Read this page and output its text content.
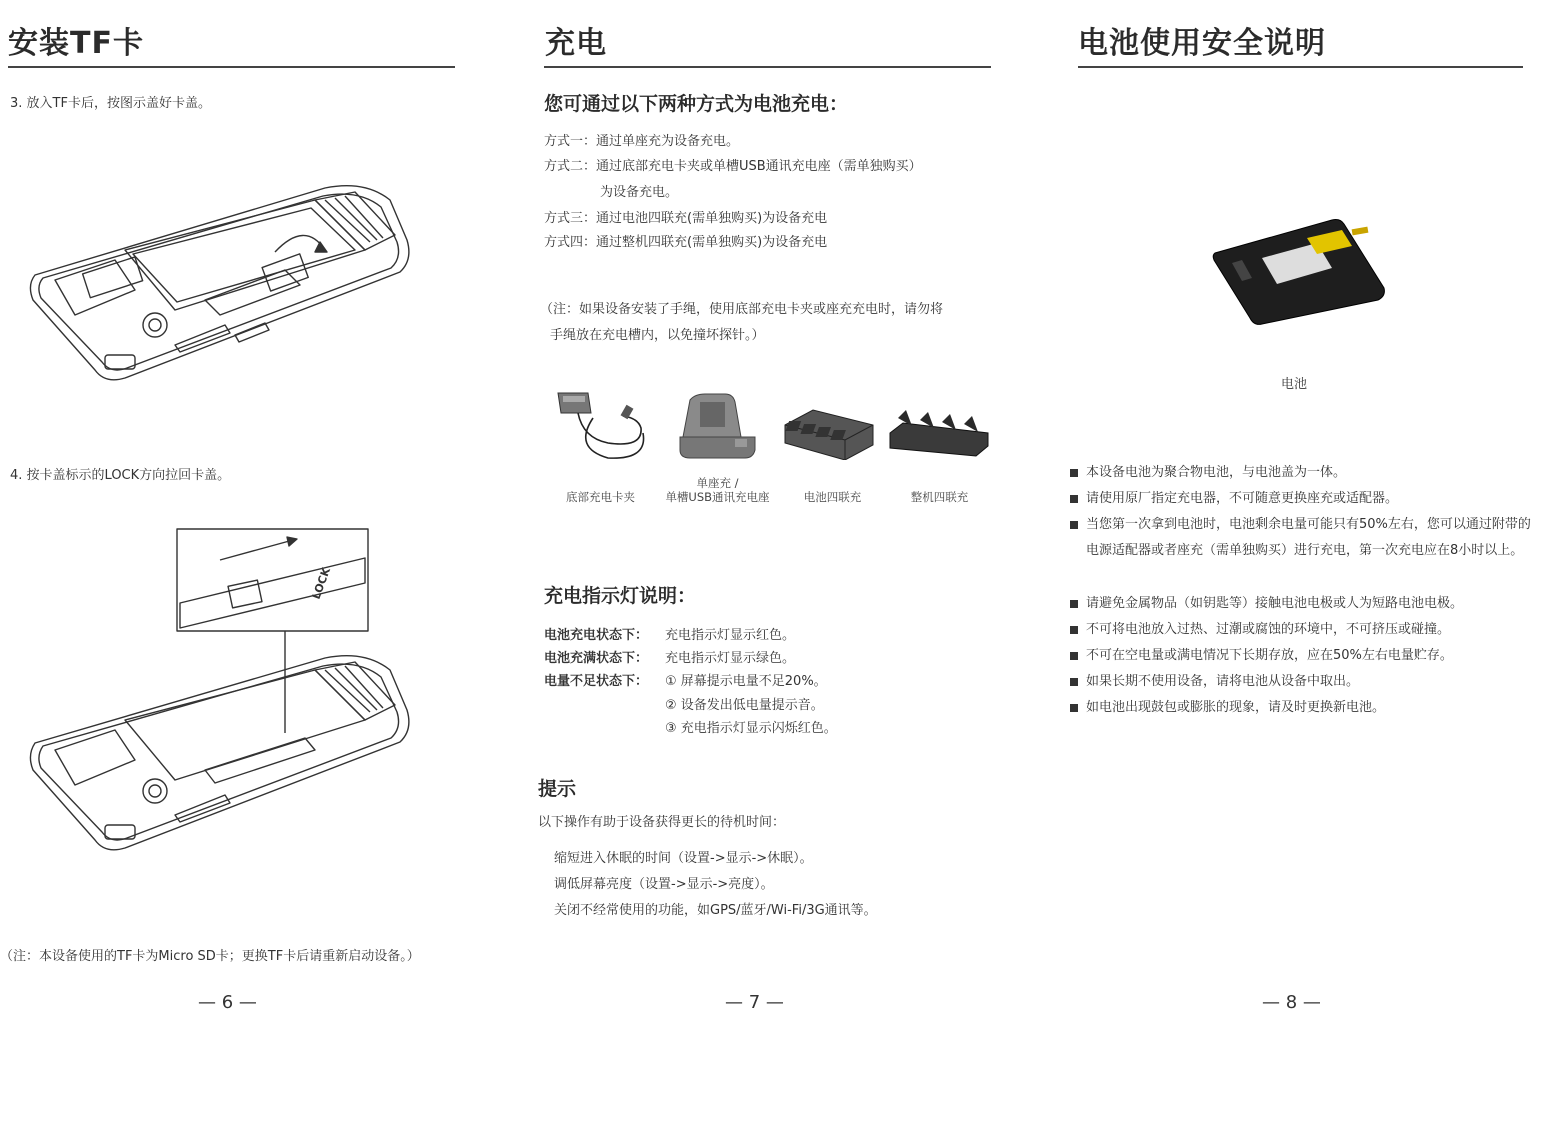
安装TF卡
3. 放入TF卡后，按图示盖好卡盖。
4. 按卡盖标示的LOCK方向拉回卡盖。
LOCK
（注：本设备使用的TF卡为Micro SD卡；更换TF卡后请重新启动设备。）
— 6 —
充电
您可通过以下两种方式为电池充电：
方式一：通过单座充为设备充电。
方式二：通过底部充电卡夹或单槽USB通讯充电座（需单独购买）
为设备充电。
方式三：通过电池四联充(需单独购买)为设备充电
方式四：通过整机四联充(需单独购买)为设备充电
（注：如果设备安装了手绳，使用底部充电卡夹或座充充电时，请勿将
手绳放在充电槽内，以免撞坏探针。）
底部充电卡夹
单座充 /
单槽USB通讯充电座	电池四联充	整机四联充
充电指示灯说明：
电池充电状态下： 充电指示灯显示红色。
电池充满状态下： 充电指示灯显示绿色。
电量不足状态下： ① 屏幕提示电量不足20%。
② 设备发出低电量提示音。
③ 充电指示灯显示闪烁红色。
提示
以下操作有助于设备获得更长的待机时间：
缩短进入休眠的时间（设置->显示->休眠）。
调低屏幕亮度（设置->显示->亮度）。
关闭不经常使用的功能，如GPS/蓝牙/Wi-Fi/3G通讯等。
— 7 —
电池使用安全说明
电池
本设备电池为聚合物电池，与电池盖为一体。
请使用原厂指定充电器，不可随意更换座充或适配器。
当您第一次拿到电池时，电池剩余电量可能只有50%左右，您可以通过附带的电源适配器或者座充（需单独购买）进行充电，第一次充电应在8小时以上。
请避免金属物品（如钥匙等）接触电池电极或人为短路电池电极。
不可将电池放入过热、过潮或腐蚀的环境中，不可挤压或碰撞。
不可在空电量或满电情况下长期存放，应在50%左右电量贮存。
如果长期不使用设备，请将电池从设备中取出。
如电池出现鼓包或膨胀的现象，请及时更换新电池。
— 8 —
